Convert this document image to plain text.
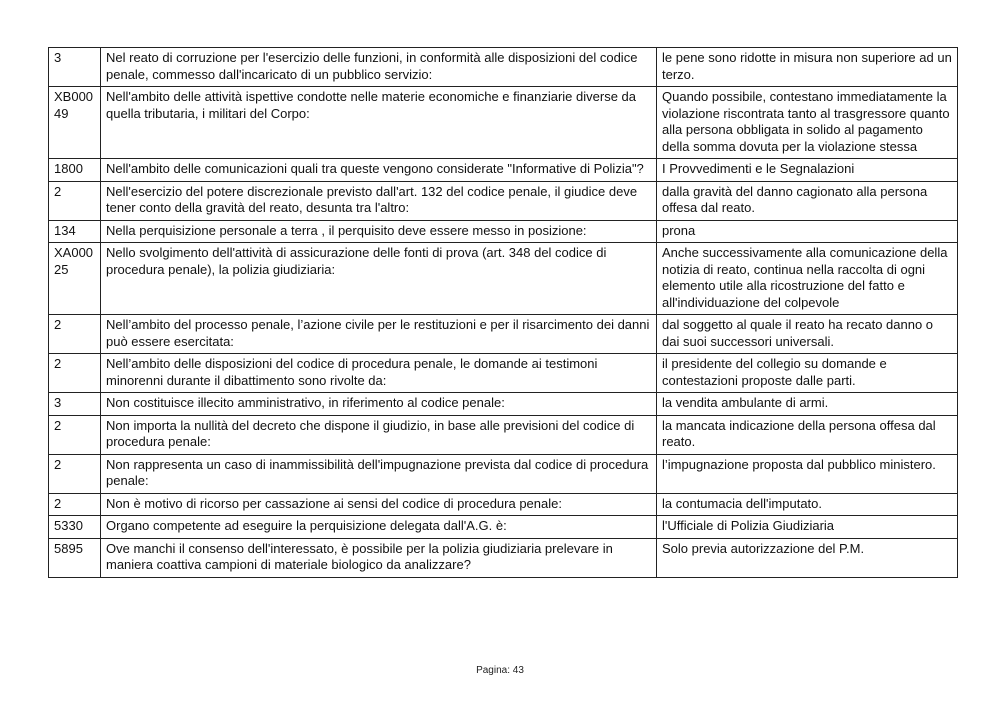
3	Nel reato di corruzione per l'esercizio delle funzioni, in conformità alle disposizioni del codice penale, commesso dall'incaricato di un pubblico servizio:	le pene sono ridotte in misura non superiore ad un terzo.
XB00049	Nell'ambito delle attività ispettive condotte nelle materie economiche e finanziarie diverse da quella tributaria, i militari del Corpo:	Quando possibile, contestano immediatamente la violazione riscontrata tanto al trasgressore quanto alla persona obbligata in solido al pagamento della somma dovuta per la violazione stessa
1800	Nell'ambito delle comunicazioni quali tra queste vengono considerate "Informative di Polizia"?	I Provvedimenti e le Segnalazioni
2	Nell'esercizio del potere discrezionale previsto dall'art. 132 del codice penale, il giudice deve tener conto della gravità del reato, desunta tra l'altro:	dalla gravità del danno cagionato alla persona offesa dal reato.
134	Nella perquisizione personale a terra , il perquisito deve essere messo in posizione:	prona
XA00025	Nello svolgimento dell'attività di assicurazione delle fonti di prova (art. 348 del codice di procedura penale), la polizia giudiziaria:	Anche successivamente alla comunicazione della notizia di reato, continua nella raccolta di ogni elemento utile alla ricostruzione del fatto e all'individuazione del colpevole
2	Nell’ambito del processo penale, l’azione civile per le restituzioni e per il risarcimento dei danni può essere esercitata:	dal soggetto al quale il reato ha recato danno o dai suoi successori universali.
2	Nell’ambito delle disposizioni del codice di procedura penale, le domande ai testimoni minorenni durante il dibattimento sono rivolte da:	il presidente del collegio su domande e contestazioni proposte dalle parti.
3	Non costituisce illecito amministrativo, in riferimento al codice penale:	la vendita ambulante di armi.
2	Non importa la nullità del decreto che dispone il giudizio, in base alle previsioni del codice di procedura penale:	la mancata indicazione della persona offesa dal reato.
2	Non rappresenta un caso di inammissibilità dell'impugnazione prevista dal codice di procedura penale:	l’impugnazione proposta dal pubblico ministero.
2	Non è motivo di ricorso per cassazione ai sensi del codice di procedura penale:	la contumacia dell'imputato.
5330	Organo competente ad eseguire la perquisizione delegata dall'A.G. è:	l'Ufficiale di Polizia Giudiziaria
5895	Ove manchi il consenso dell'interessato, è possibile per la polizia giudiziaria prelevare in maniera coattiva campioni di materiale biologico da analizzare?	Solo previa autorizzazione del P.M.
Pagina: 43
